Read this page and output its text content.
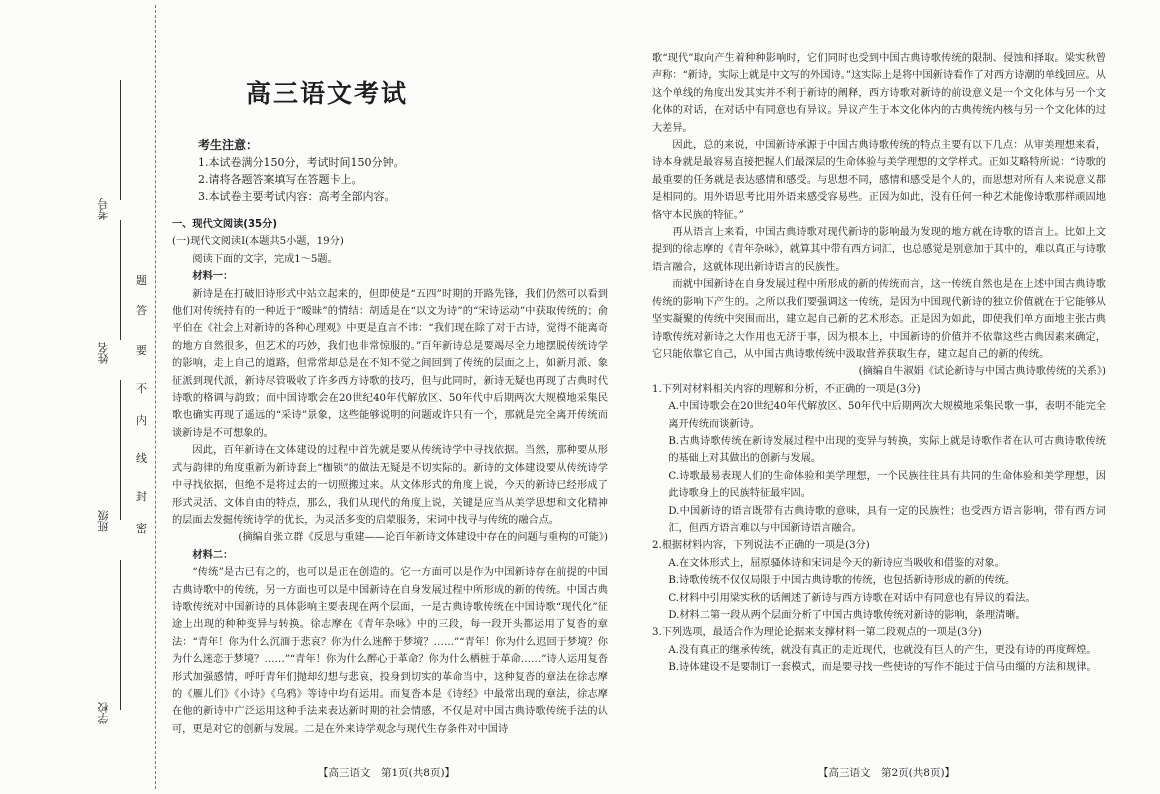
考号
姓名
班级
学校
题
答
要
不
内
线
封
密
高三语文考试
考生注意：
1.本试卷满分150分，考试时间150分钟。
2.请将各题答案填写在答题卡上。
3.本试卷主要考试内容：高考全部内容。

一、现代文阅读(35分)

(一)现代文阅读Ⅰ(本题共5小题，19分)

阅读下面的文字，完成1～5题。

材料一：

新诗是在打破旧诗形式中站立起来的，但即使是“五四”时期的开路先锋，我们仍然可以看到他们对传统持有的一种近于“暧昧”的情结：胡适是在“以文为诗”的“宋诗运动”中获取传统的；俞平伯在《社会上对新诗的各种心理观》中更是直言不讳：“我们现在除了对于古诗，觉得不能离奇的地方自然很多，但艺术的巧妙，我们也非常惊服的。”百年新诗总是要竭尽全力地摆脱传统诗学的影响，走上自己的道路，但常常却总是在不知不觉之间回到了传统的层面之上，如新月派、象征派到现代派，新诗尽管吸收了许多西方诗歌的技巧，但与此同时，新诗无疑也再现了古典时代诗歌的格调与韵致；而中国诗歌会在20世纪40年代解放区、50年代中后期两次大规模地采集民歌也确实再现了遥远的“采诗”景象，这些能够说明的问题或许只有一个，那就是完全离开传统而谈新诗是不可想象的。

因此，百年新诗在文体建设的过程中首先就是要从传统诗学中寻找依据。当然，那种要从形式与韵律的角度重新为新诗套上“枷锁”的做法无疑是不切实际的。新诗的文体建设要从传统诗学中寻找依据，但绝不是将过去的一切照搬过来。从文体形式的角度上说，今天的新诗已经形成了形式灵活、文体自由的特点，那么，我们从现代的角度上说，关键是应当从美学思想和文化精神的层面去发掘传统诗学的优长，为灵活多变的启蒙服务，宋词中找寻与传统的融合点。

(摘编自张立群《反思与重建——论百年新诗文体建设中存在的问题与重构的可能》)

材料二：

“传统”是古已有之的，也可以是正在创造的。它一方面可以是作为中国新诗存在前提的中国古典诗歌中的传统，另一方面也可以是中国新诗在自身发展过程中所形成的新的传统。中国古典诗歌传统对中国新诗的具体影响主要表现在两个层面，一是古典诗歌传统在中国诗歌“现代化”征途上出现的种种变异与转换。徐志摩在《青年杂咏》中的三段，每一段开头都运用了复沓的章法：“青年！你为什么沉湎于悲哀？你为什么迷醉于梦境？……”“青年！你为什么迟回于梦境？你为什么迷恋于梦境？……”“青年！你为什么醉心于革命？你为什么栖桩于革命……”诗人运用复沓形式加强感情，呼吁青年们抛却幻想与悲哀，投身到切实的革命当中，这种复沓的章法在徐志摩的《雁儿们》《小诗》《乌鸦》等诗中均有运用。而复沓本是《诗经》中最常出现的章法，徐志摩在他的新诗中广泛运用这种手法来表达新时期的社会情感，不仅是对中国古典诗歌传统手法的认可，更是对它的创新与发展。二是在外来诗学观念与现代生存条件对中国诗

歌“现代”取向产生着种种影响时，它们同时也受到中国古典诗歌传统的限制、侵蚀和择取。梁实秋曾声称：“新诗，实际上就是中文写的外国诗。”这实际上是将中国新诗看作了对西方诗潮的单线回应。从这个单线的角度出发其实并不利于新诗的阐释，西方诗歌对新诗的前设意义是一个文化体与另一个文化体的对话，在对话中有同意也有异议。异议产生于本文化体内的古典传统内核与另一个文化体的过大差异。

因此，总的来说，中国新诗承源于中国古典诗歌传统的特点主要有以下几点：从审美理想来看，诗本身就是最容易直接把握人们最深层的生命体验与美学理想的文学样式。正如艾略特所说：“诗歌的最重要的任务就是表达感情和感受。与思想不同，感情和感受是个人的，而思想对所有人来说意义都是相同的。用外语思考比用外语来感受容易些。正因为如此，没有任何一种艺术能像诗歌那样顽固地恪守本民族的特征。”

再从语言上来看，中国古典诗歌对现代新诗的影响最为发现的地方就在诗歌的语言上。比如上文提到的徐志摩的《青年杂咏》，就算其中带有西方词汇，也总感觉是别意加于其中的，难以真正与诗歌语言融合，这就体现出新诗语言的民族性。

而就中国新诗在自身发展过程中所形成的新的传统而言，这一传统自然也是在上述中国古典诗歌传统的影响下产生的。之所以我们要强调这一传统，是因为中国现代新诗的独立价值就在于它能够从坚实凝聚的传统中突围而出，建立起自己新的艺术形态。正是因为如此，即使我们单方面地主张古典诗歌传统对新诗之大作用也无济于事，因为根本上，中国新诗的价值并不依靠这些古典因素来确定，它只能依靠它自己，从中国古典诗歌传统中汲取营养获取生存，建立起自己的新的传统。

(摘编自牛淑娟《试论新诗与中国古典诗歌传统的关系》)

1.下列对材料相关内容的理解和分析，不正确的一项是(3分)

A.中国诗歌会在20世纪40年代解放区、50年代中后期两次大规模地采集民歌一事，表明不能完全离开传统而谈新诗。

B.古典诗歌传统在新诗发展过程中出现的变异与转换，实际上就是诗歌作者在认可古典诗歌传统的基础上对其做出的创新与发展。

C.诗歌最易表现人们的生命体验和美学理想，一个民族往往具有共同的生命体验和美学理想，因此诗歌身上的民族特征最牢固。

D.中国新诗的语言既带有古典诗歌的意味，具有一定的民族性；也受西方语言影响，带有西方词汇，但西方语言难以与中国新诗语言融合。

2.根据材料内容，下列说法不正确的一项是(3分)

A.在文体形式上，屈原骚体诗和宋词是今天的新诗应当吸收和借鉴的对象。

B.诗歌传统不仅仅局限于中国古典诗歌的传统，也包括新诗形成的新的传统。

C.材料中引用梁实秋的话阐述了新诗与西方诗歌在对话中有同意也有异议的看法。

D.材料二第一段从两个层面分析了中国古典诗歌传统对新诗的影响，条理清晰。

3.下列选项，最适合作为理论论据来支撑材料一第二段观点的一项是(3分)

A.没有真正的继承传统，就没有真正的走近现代，也就没有巨人的产生，更没有诗的再度辉煌。

B.诗体建设不是要制订一套模式，而是要寻找一些使诗的写作不能过于信马由缰的方法和规律。

【高三语文　第1页(共8页)】	【高三语文　第2页(共8页)】
